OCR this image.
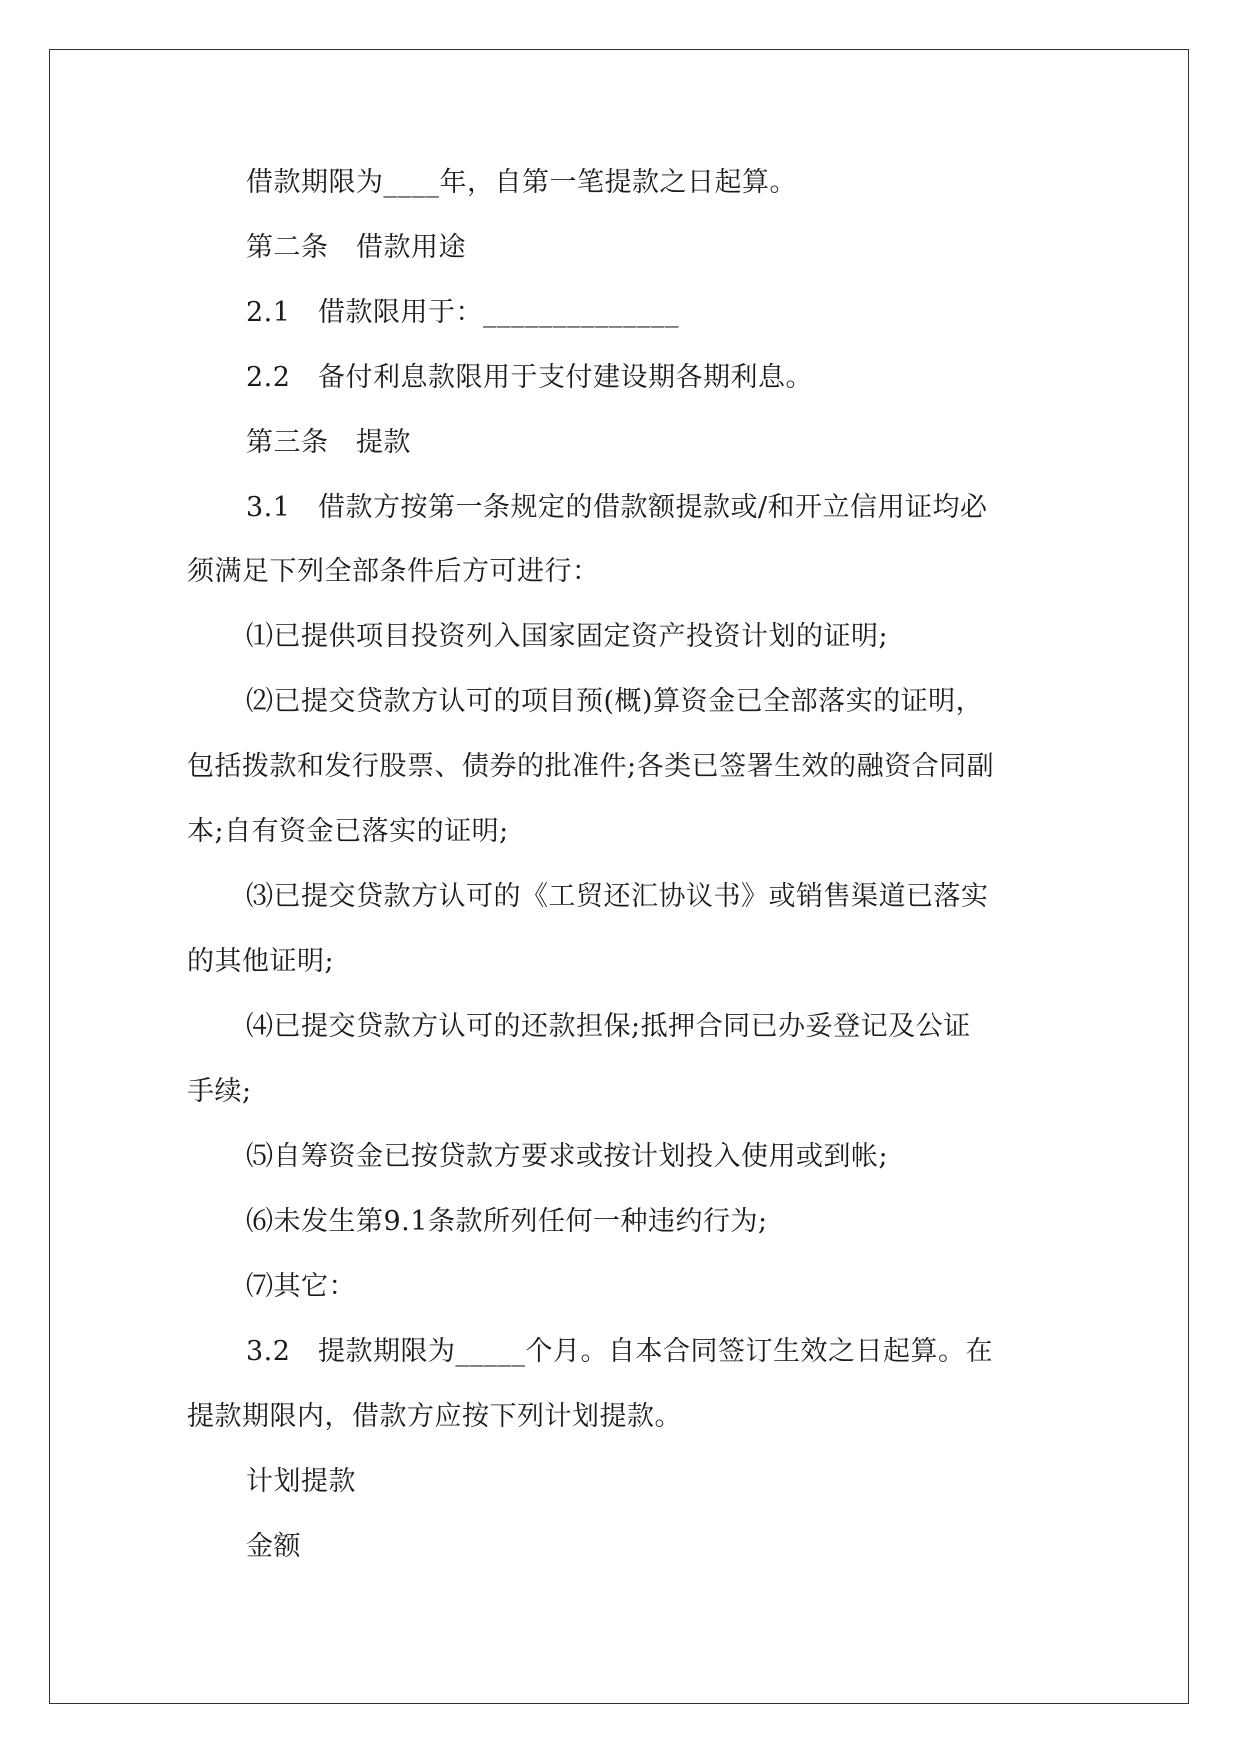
借款期限为____年，自第一笔提款之日起算。
第二条　借款用途
2.1　借款限用于：______________
2.2　备付利息款限用于支付建设期各期利息。
第三条　提款
3.1　借款方按第一条规定的借款额提款或/和开立信用证均必
须满足下列全部条件后方可进行：
⑴已提供项目投资列入国家固定资产投资计划的证明;
⑵已提交贷款方认可的项目预(概)算资金已全部落实的证明，
包括拨款和发行股票、债券的批准件;各类已签署生效的融资合同副
本;自有资金已落实的证明;
⑶已提交贷款方认可的《工贸还汇协议书》或销售渠道已落实
的其他证明;
⑷已提交贷款方认可的还款担保;抵押合同已办妥登记及公证
手续;
⑸自筹资金已按贷款方要求或按计划投入使用或到帐;
⑹未发生第9.1条款所列任何一种违约行为;
⑺其它：
3.2　提款期限为_____个月。自本合同签订生效之日起算。在
提款期限内，借款方应按下列计划提款。
计划提款
金额
